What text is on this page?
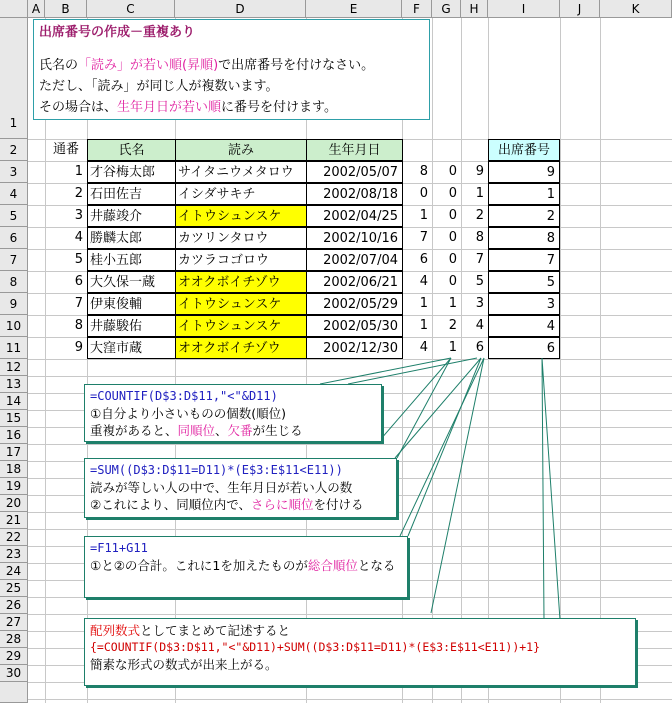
A	B	C	D	E	F	G	H	I	J	K
1
2
3
4
5
6
7
8
9
10
11
12
13
14
15
16
17
18
19
20
21
22
23
24
25
26
27
28
29
30
出席番号の作成－重複あり
氏名の「読み」が若い順(昇順)で出席番号を付けなさい。
ただし、「読み」が同じ人が複数います。
その場合は、生年月日が若い順に番号を付けます。
通番	氏名	読み	生年月日	出席番号
1 才谷梅太郎	サイタニウメタロウ	2002/05/07	8	0	9	9
2 石田佐吉	イシダサキチ	2002/08/18	0	0	1	1
3 井藤竣介	イトウシュンスケ	2002/04/25	1	0	2	2
4 勝麟太郎	カツリンタロウ	2002/10/16	7	0	8	8
5 桂小五郎	カツラコゴロウ	2002/07/04	6	0	7	7
6 大久保一蔵	オオクボイチゾウ	2002/06/21	4	0	5	5
7 伊東俊輔	イトウシュンスケ	2002/05/29	1	1	3	3
8 井藤駿佑	イトウシュンスケ	2002/05/30	1	2	4	4
9 大窪市蔵	オオクボイチゾウ	2002/12/30	4	1	6	6
=COUNTIF(D$3:D$11,"<"&D11)
①自分より小さいものの個数(順位)
重複があると、同順位、欠番が生じる
=SUM((D$3:D$11=D11)*(E$3:E$11<E11))
読みが等しい人の中で、生年月日が若い人の数
②これにより、同順位内で、さらに順位を付ける
=F11+G11
①と②の合計。これに1を加えたものが総合順位となる
配列数式としてまとめて記述すると
{=COUNTIF(D$3:D$11,"<"&D11)+SUM((D$3:D$11=D11)*(E$3:E$11<E11))+1}
簡素な形式の数式が出来上がる。
